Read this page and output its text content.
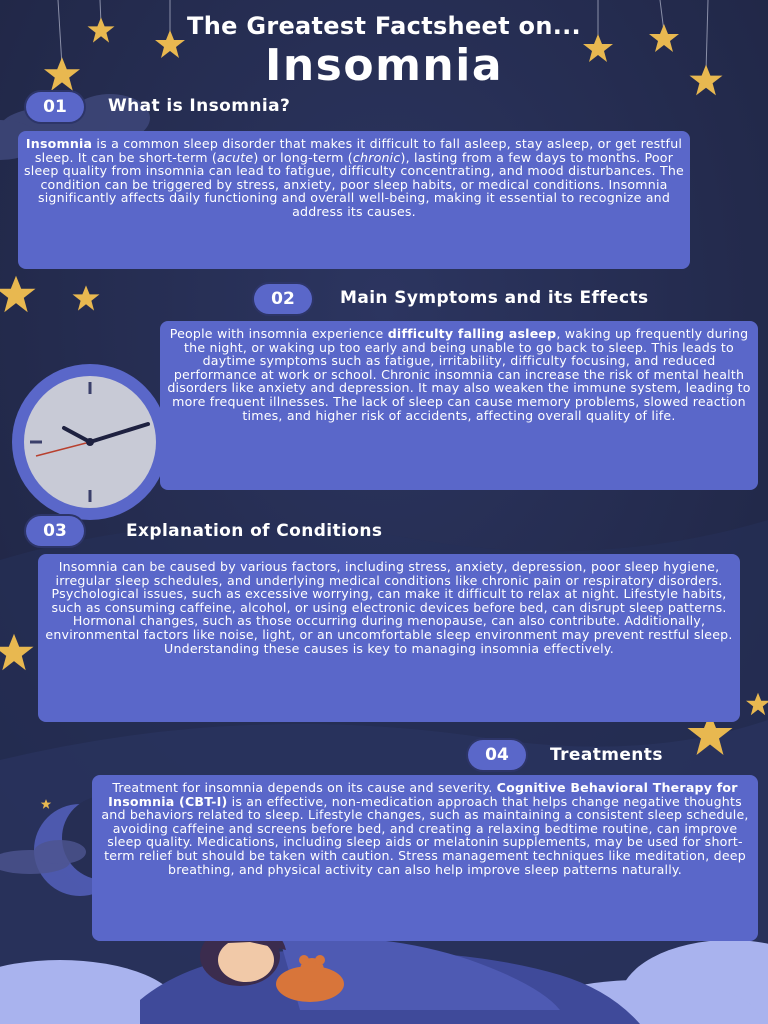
The Greatest Factsheet on...
Insomnia
01	What is Insomnia?
Insomnia is a common sleep disorder that makes it difficult to fall asleep, stay asleep, or get restful sleep. It can be short-term (acute) or long-term (chronic), lasting from a few days to months. Poor sleep quality from insomnia can lead to fatigue, difficulty concentrating, and mood disturbances. The condition can be triggered by stress, anxiety, poor sleep habits, or medical conditions. Insomnia significantly affects daily functioning and overall well-being, making it essential to recognize and address its causes.
02	Main Symptoms and its Effects
People with insomnia experience difficulty falling asleep, waking up frequently during the night, or waking up too early and being unable to go back to sleep. This leads to daytime symptoms such as fatigue, irritability, difficulty focusing, and reduced performance at work or school. Chronic insomnia can increase the risk of mental health disorders like anxiety and depression. It may also weaken the immune system, leading to more frequent illnesses. The lack of sleep can cause memory problems, slowed reaction times, and higher risk of accidents, affecting overall quality of life.
03	Explanation of Conditions
Insomnia can be caused by various factors, including stress, anxiety, depression, poor sleep hygiene, irregular sleep schedules, and underlying medical conditions like chronic pain or respiratory disorders. Psychological issues, such as excessive worrying, can make it difficult to relax at night. Lifestyle habits, such as consuming caffeine, alcohol, or using electronic devices before bed, can disrupt sleep patterns. Hormonal changes, such as those occurring during menopause, can also contribute. Additionally, environmental factors like noise, light, or an uncomfortable sleep environment may prevent restful sleep. Understanding these causes is key to managing insomnia effectively.
04	Treatments
Treatment for insomnia depends on its cause and severity. Cognitive Behavioral Therapy for Insomnia (CBT-I) is an effective, non-medication approach that helps change negative thoughts and behaviors related to sleep. Lifestyle changes, such as maintaining a consistent sleep schedule, avoiding caffeine and screens before bed, and creating a relaxing bedtime routine, can improve sleep quality. Medications, including sleep aids or melatonin supplements, may be used for short-term relief but should be taken with caution. Stress management techniques like meditation, deep breathing, and physical activity can also help improve sleep patterns naturally.
